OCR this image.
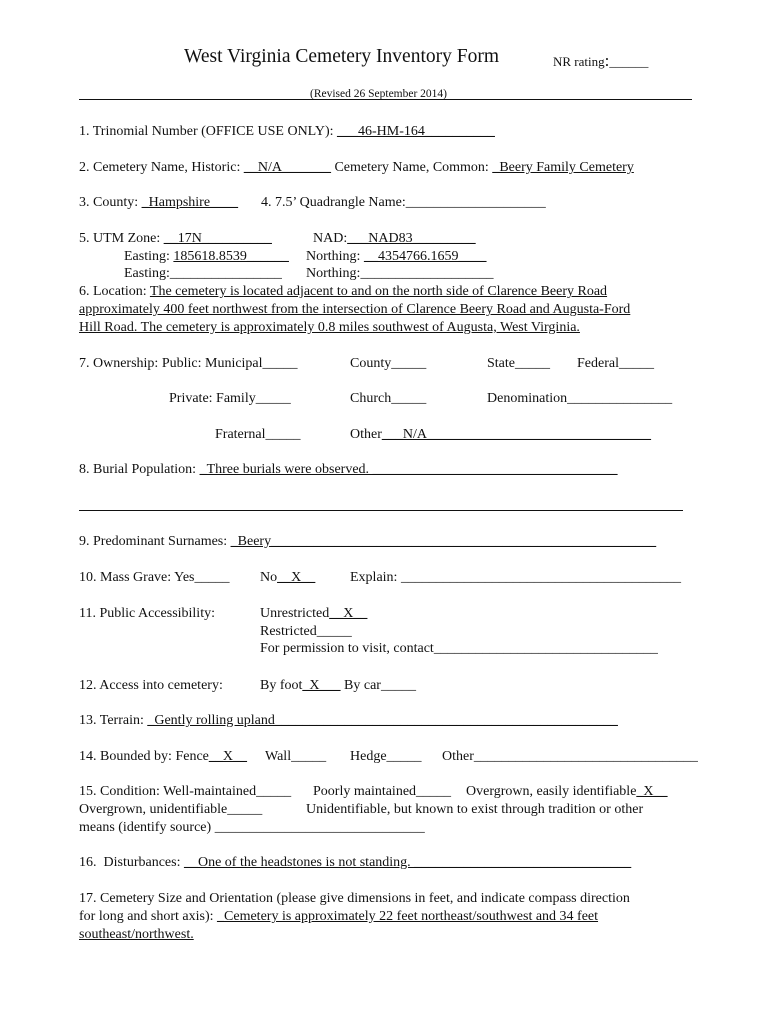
West Virginia Cemetery Inventory Form	NR rating:______
(Revised 26 September 2014)
1. Trinomial Number (OFFICE USE ONLY): ___46-HM-164__________
2. Cemetery Name, Historic: __N/A_______ Cemetery Name, Common: _Beery Family Cemetery
3. County: _Hampshire____ 4. 7.5’ Quadrangle Name:____________________
5. UTM Zone: __17N__________	NAD:___NAD83_________
Easting: 185618.8539______ Northing: __4354766.1659____
Easting:________________ Northing:___________________
6. Location: The cemetery is located adjacent to and on the north side of Clarence Beery Road
approximately 400 feet northwest from the intersection of Clarence Beery Road and Augusta-Ford
Hill Road. The cemetery is approximately 0.8 miles southwest of Augusta, West Virginia.
7. Ownership: Public: Municipal_____	County_____	State_____ Federal_____
Private: Family_____	Church_____	Denomination_______________
Fraternal_____	Other___N/A________________________________
8. Burial Population: _Three burials were observed. ___________________________________
9. Predominant Surnames: _Beery_______________________________________________________
10. Mass Grave: Yes_____ No__X__ Explain: ________________________________________
11. Public Accessibility:	Unrestricted__X__
Restricted_____
For permission to visit, contact________________________________
12. Access into cemetery:	By foot_X___ By car_____
13. Terrain: _Gently rolling upland_________________________________________________
14. Bounded by: Fence__X__ Wall_____ Hedge_____ Other________________________________
15. Condition: Well-maintained_____ Poorly maintained_____ Overgrown, easily identifiable_X__
Overgrown, unidentifiable_____	Unidentifiable, but known to exist through tradition or other
means (identify source) ______________________________
16.  Disturbances: __One of the headstones is not standing. _______________________________
17. Cemetery Size and Orientation (please give dimensions in feet, and indicate compass direction
for long and short axis): _Cemetery is approximately 22 feet northeast/southwest and 34 feet
southeast/northwest.
